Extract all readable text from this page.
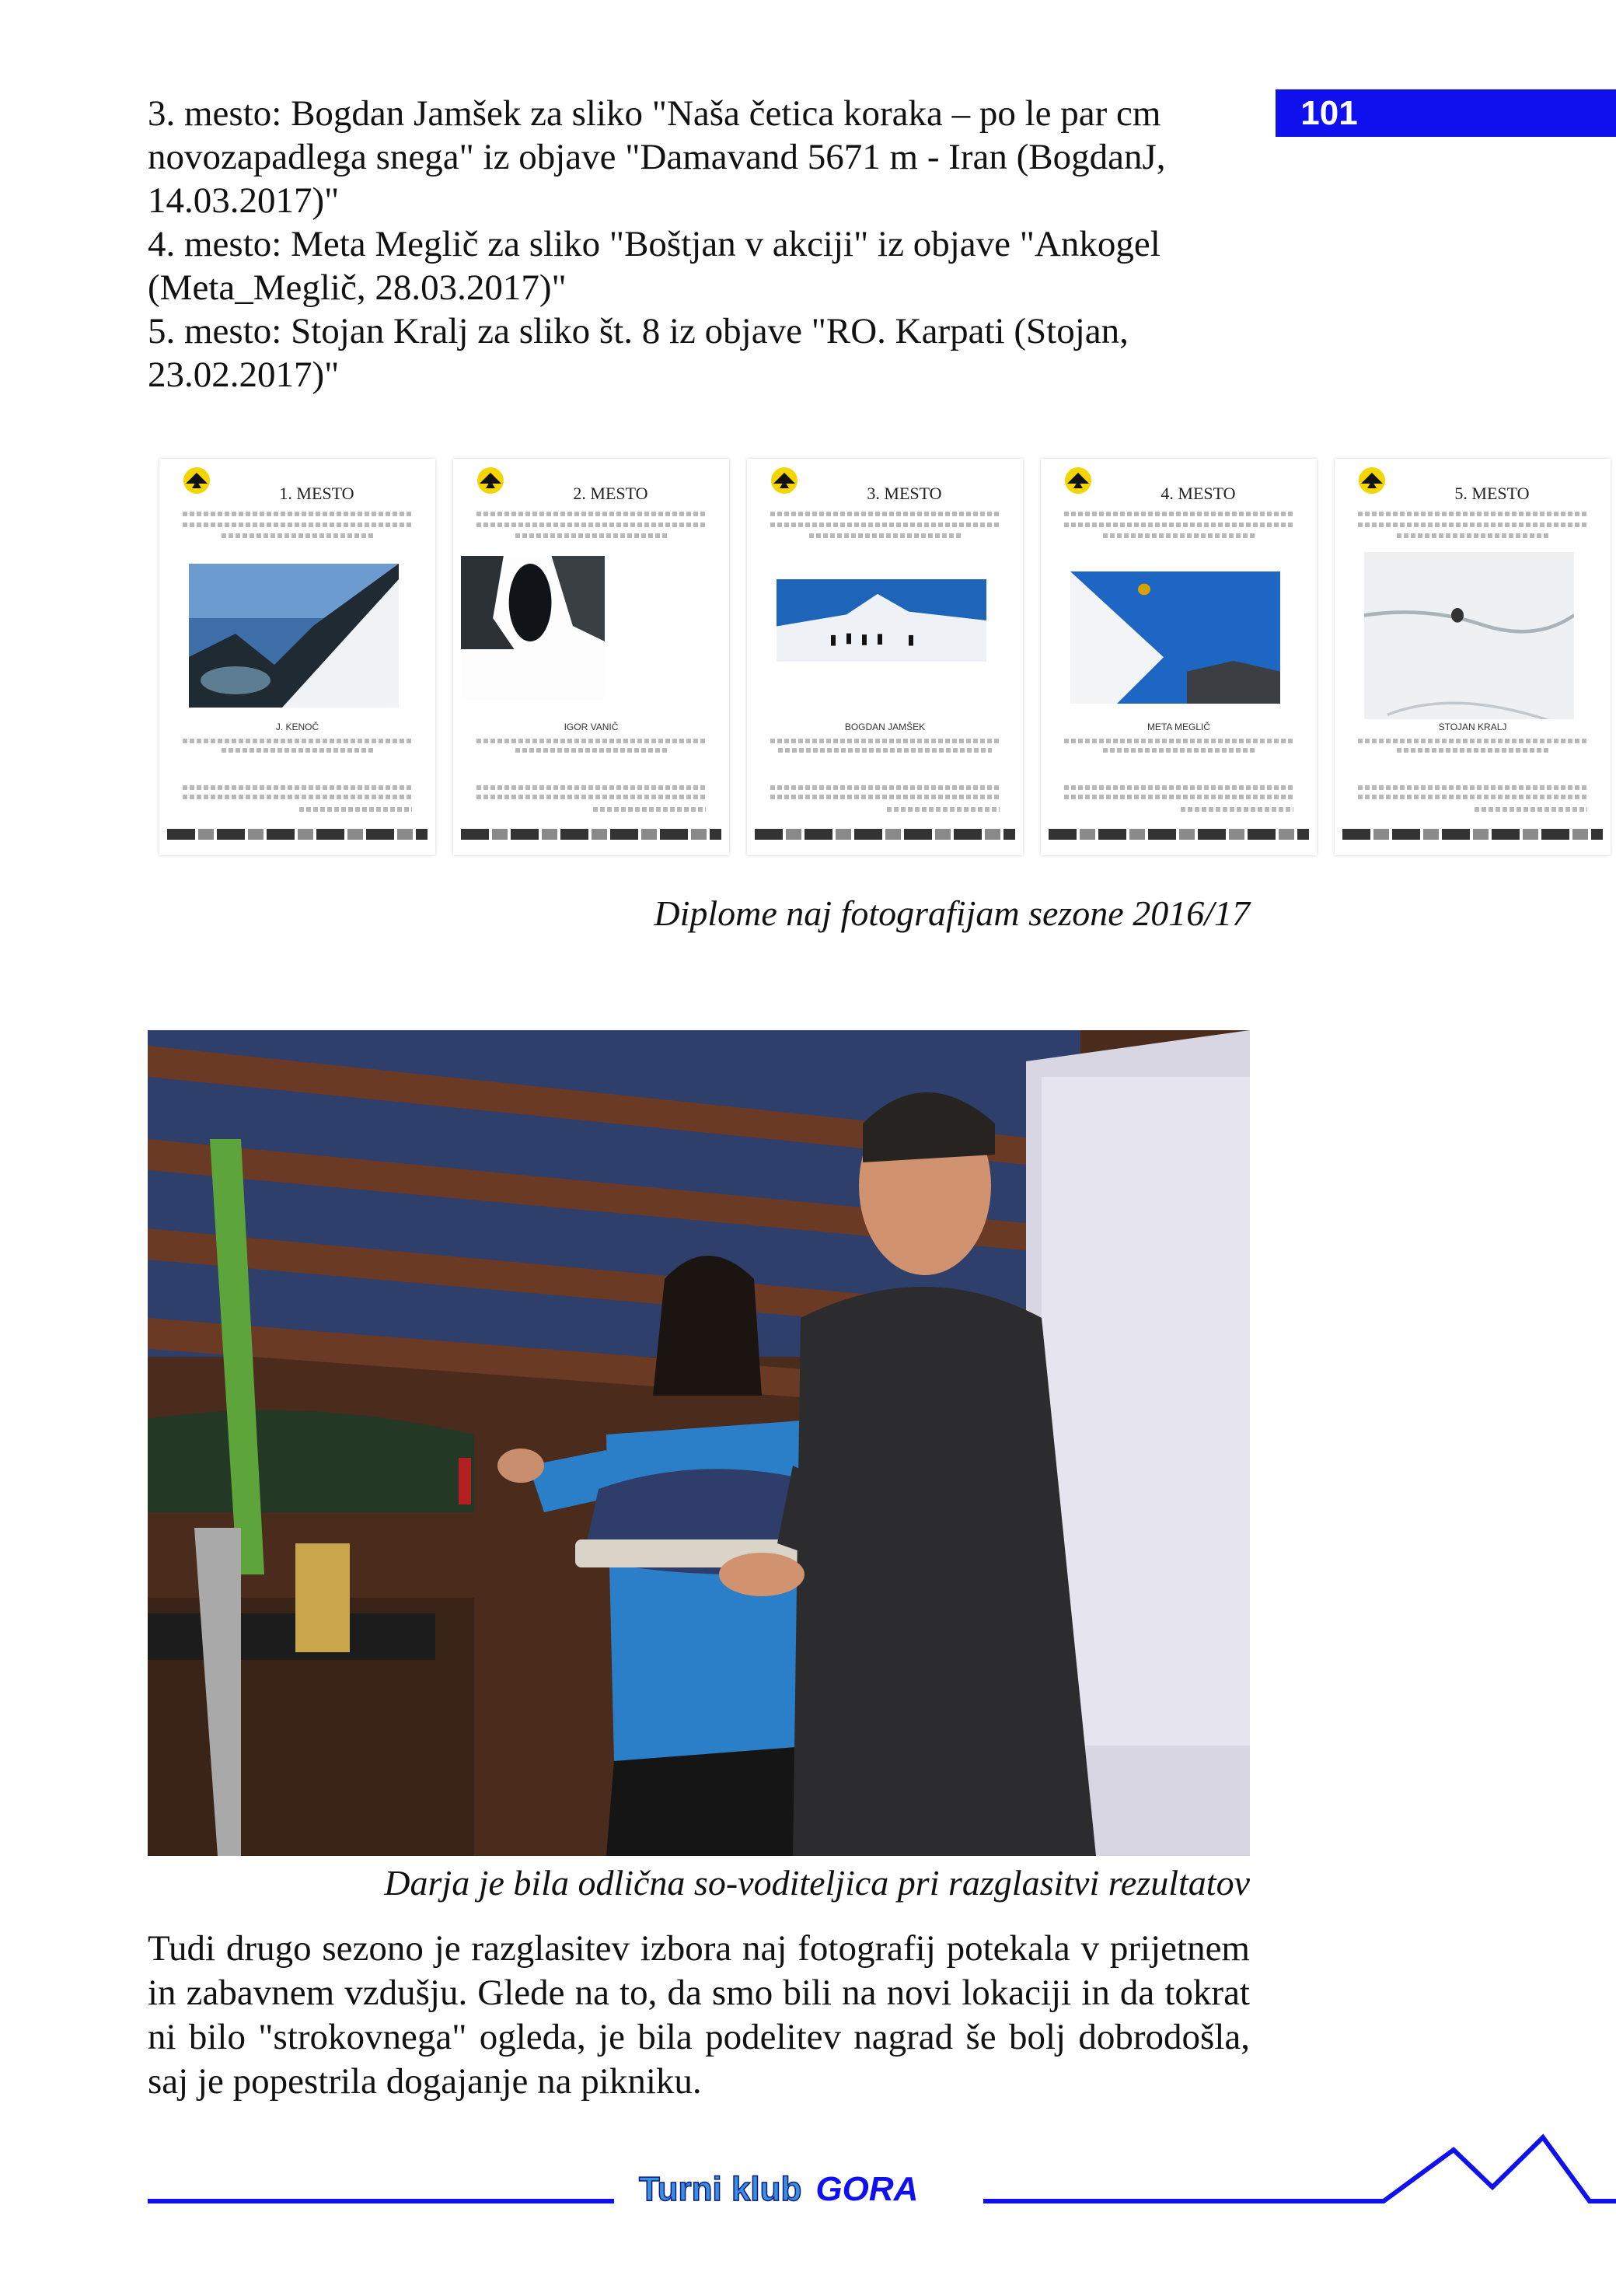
101

3. mesto: Bogdan Jamšek za sliko "Naša četica koraka – po le par cm

novozapadlega snega" iz objave "Damavand 5671 m - Iran (BogdanJ,

14.03.2017)"

4. mesto: Meta Meglič za sliko "Boštjan v akciji" iz objave "Ankogel

(Meta_Meglič, 28.03.2017)"

5. mesto: Stojan Kralj za sliko št. 8 iz objave "RO. Karpati (Stojan,

23.02.2017)"

1. MESTO
J. KENOČ
2. MESTO
IGOR VANIČ
3. MESTO
BOGDAN JAMŠEK
4. MESTO
META MEGLIČ
5. MESTO
STOJAN KRALJ
Diplome naj fotografijam sezone 2016/17
Darja je bila odlična so-voditeljica pri razglasitvi rezultatov

Tudi drugo sezono je razglasitev izbora naj fotografij potekala v prijetnem in zabavnem vzdušju. Glede na to, da smo bili na novi lokaciji in da tokrat ni bilo "strokovnega" ogleda, je bila podelitev nagrad še bolj dobrodošla, saj je popestrila dogajanje na pikniku.

Turni klub GORA
